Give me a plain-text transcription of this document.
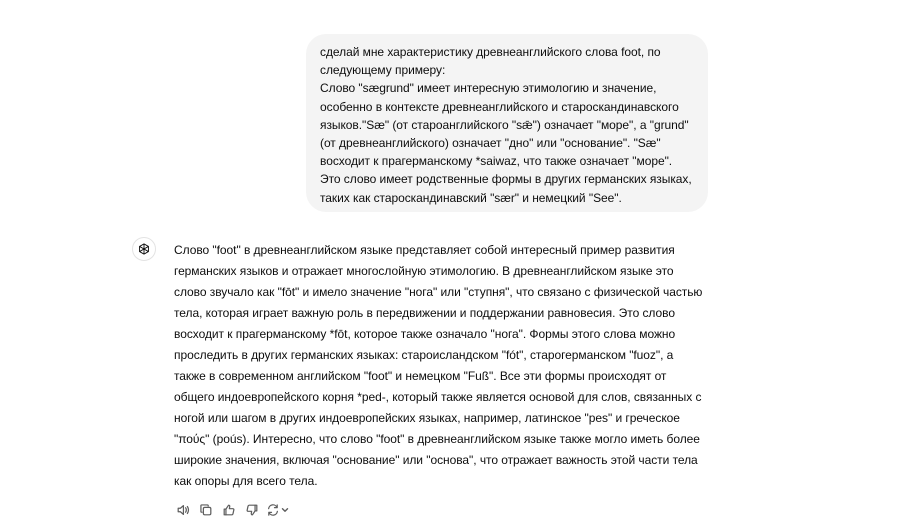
сделай мне характеристику древнеанглийского слова foot, по
следующему примеру:
Слово "sægrund" имеет интересную этимологию и значение,
особенно в контексте древнеанглийского и староскандинавского
языков."Sæ" (от староанглийского "sǣ") означает "море", а "grund"
(от древнеанглийского) означает "дно" или "основание". "Sæ"
восходит к прагерманскому *saiwaz, что также означает "море".
Это слово имеет родственные формы в других германских языках,
таких как староскандинавский "sær" и немецкий "See".

Слово "foot" в древнеанглийском языке представляет собой интересный пример развития
германских языков и отражает многослойную этимологию. В древнеанглийском языке это
слово звучало как "fōt" и имело значение "нога" или "ступня", что связано с физической частью
тела, которая играет важную роль в передвижении и поддержании равновесия. Это слово
восходит к прагерманскому *fōt, которое также означало "нога". Формы этого слова можно
проследить в других германских языках: староисландском "fót", старогерманском "fuoz", а
также в современном английском "foot" и немецком "Fuß". Все эти формы происходят от
общего индоевропейского корня *ped-, который также является основой для слов, связанных с
ногой или шагом в других индоевропейских языках, например, латинское "pes" и греческое
"πούς" (poús). Интересно, что слово "foot" в древнеанглийском языке также могло иметь более
широкие значения, включая "основание" или "основа", что отражает важность этой части тела
как опоры для всего тела.
